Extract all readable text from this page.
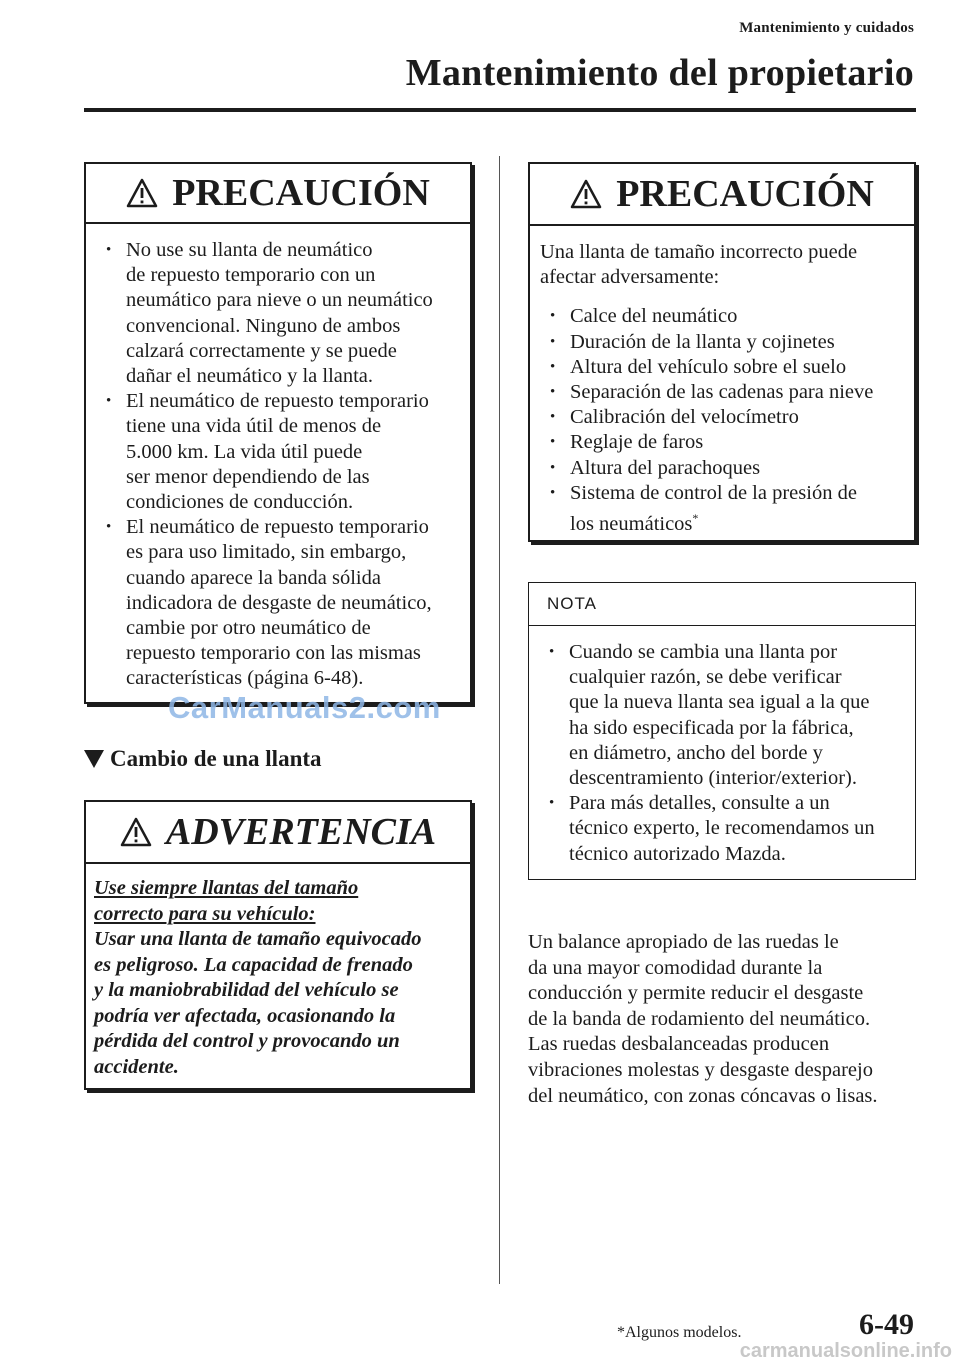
Mantenimiento y cuidados
Mantenimiento del propietario
PRECAUCIÓN
• No use su llanta de neumático
de repuesto temporario con un
neumático para nieve o un neumático
convencional. Ninguno de ambos
calzará correctamente y se puede
dañar el neumático y la llanta.
• El neumático de repuesto temporario
tiene una vida útil de menos de
5.000 km. La vida útil puede
ser menor dependiendo de las
condiciones de conducción.
• El neumático de repuesto temporario
es para uso limitado, sin embargo,
cuando aparece la banda sólida
indicadora de desgaste de neumático,
cambie por otro neumático de
repuesto temporario con las mismas
características (página 6-48).
CarManuals2.com
Cambio de una llanta
ADVERTENCIA
Use siempre llantas del tamaño
correcto para su vehículo:
Usar una llanta de tamaño equivocado
es peligroso. La capacidad de frenado
y la maniobrabilidad del vehículo se
podría ver afectada, ocasionando la
pérdida del control y provocando un
accidente.
PRECAUCIÓN
Una llanta de tamaño incorrecto puede
afectar adversamente:
• Calce del neumático
• Duración de la llanta y cojinetes
• Altura del vehículo sobre el suelo
• Separación de las cadenas para nieve
• Calibración del velocímetro
• Reglaje de faros
• Altura del parachoques
• Sistema de control de la presión de
los neumáticos*
NOTA
• Cuando se cambia una llanta por
cualquier razón, se debe verificar
que la nueva llanta sea igual a la que
ha sido especificada por la fábrica,
en diámetro, ancho del borde y
descentramiento (interior/exterior).
• Para más detalles, consulte a un
técnico experto, le recomendamos un
técnico autorizado Mazda.
Un balance apropiado de las ruedas le
da una mayor comodidad durante la
conducción y permite reducir el desgaste
de la banda de rodamiento del neumático.
Las ruedas desbalanceadas producen
vibraciones molestas y desgaste desparejo
del neumático, con zonas cóncavas o lisas.
*Algunos modelos.	6-49
carmanualsonline.info
